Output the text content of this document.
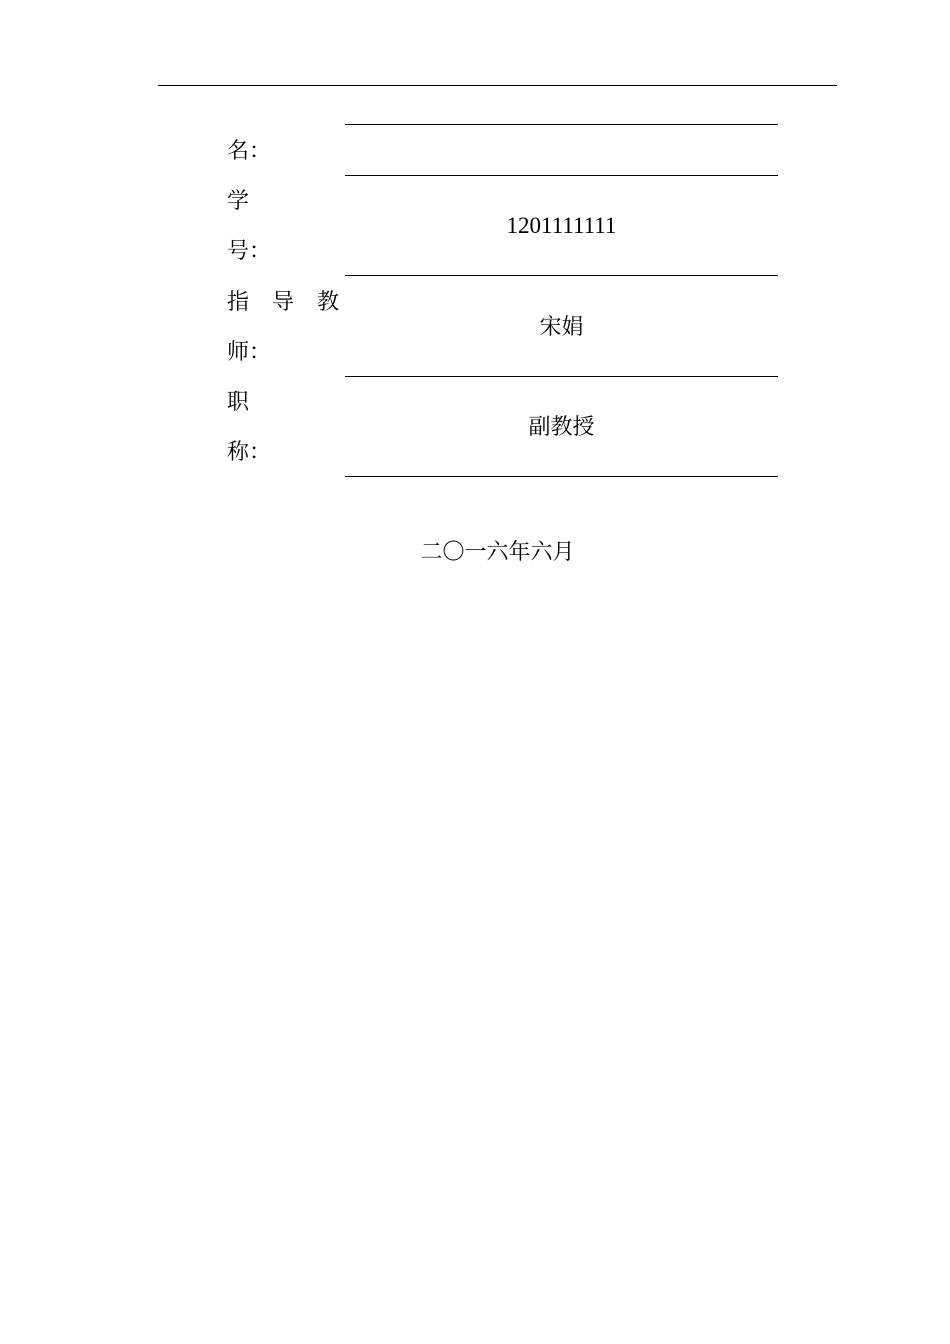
名：
学
号：
1201111111
指 导 教
师：
宋娟
职
称：
副教授
二〇一六年六月
